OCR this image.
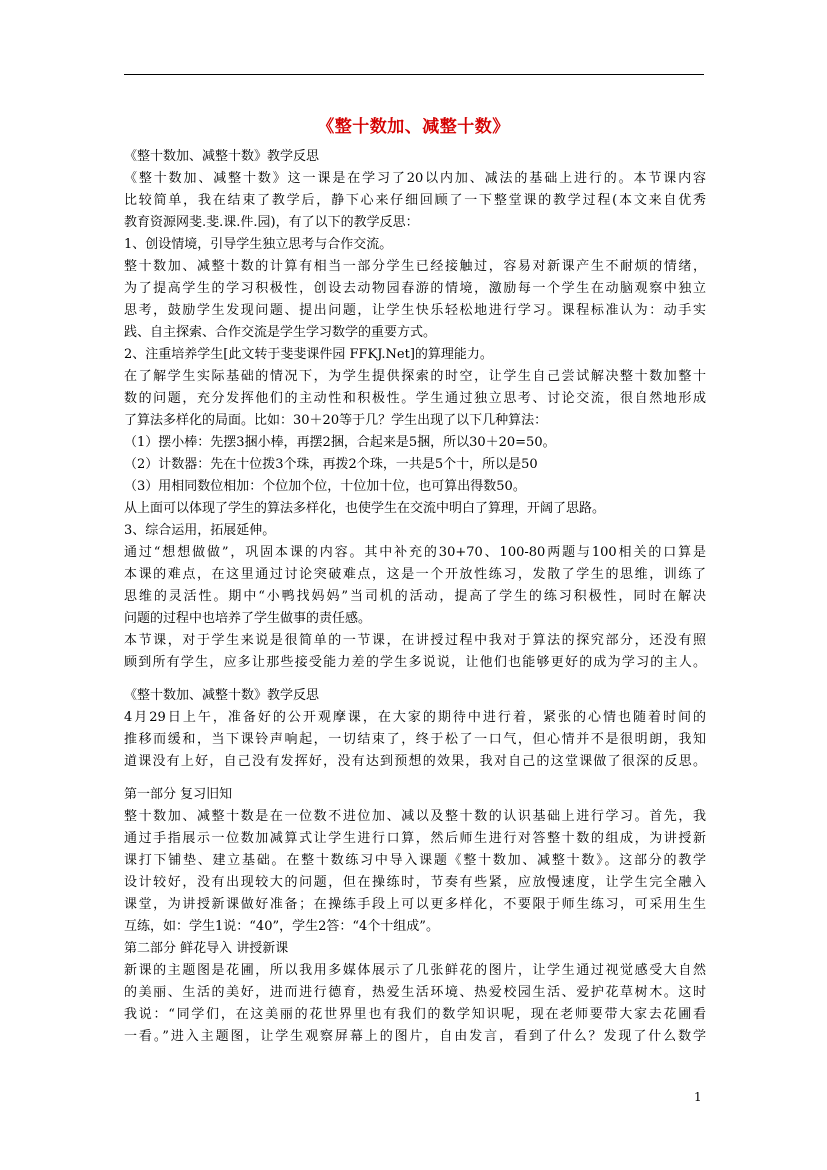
《整十数加、减整十数》
《整十数加、减整十数》教学反思
《整十数加、减整十数》这一课是在学习了20以内加、减法的基础上进行的。本节课内容
比较简单，我在结束了教学后，静下心来仔细回顾了一下整堂课的教学过程(本文来自优秀
教育资源网斐.斐.课.件.园)，有了以下的教学反思：
1、创设情境，引导学生独立思考与合作交流。
整十数加、减整十数的计算有相当一部分学生已经接触过，容易对新课产生不耐烦的情绪，
为了提高学生的学习积极性，创设去动物园春游的情境，激励每一个学生在动脑观察中独立
思考，鼓励学生发现问题、提出问题，让学生快乐轻松地进行学习。课程标准认为：动手实
践、自主探索、合作交流是学生学习数学的重要方式。
2、注重培养学生[此文转于斐斐课件园 FFKJ.Net]的算理能力。
在了解学生实际基础的情况下，为学生提供探索的时空，让学生自己尝试解决整十数加整十
数的问题，充分发挥他们的主动性和积极性。学生通过独立思考、讨论交流，很自然地形成
了算法多样化的局面。比如：30＋20等于几？学生出现了以下几种算法：
（1）摆小棒：先摆3捆小棒，再摆2捆，合起来是5捆，所以30＋20=50。
（2）计数器：先在十位拨3个珠，再拨2个珠，一共是5个十，所以是50
（3）用相同数位相加：个位加个位，十位加十位，也可算出得数50。
从上面可以体现了学生的算法多样化，也使学生在交流中明白了算理，开阔了思路。
3、综合运用，拓展延伸。
通过“想想做做”，巩固本课的内容。其中补充的30+70、100-80两题与100相关的口算是
本课的难点，在这里通过讨论突破难点，这是一个开放性练习，发散了学生的思维，训练了
思维的灵活性。期中“小鸭找妈妈”当司机的活动，提高了学生的练习积极性，同时在解决
问题的过程中也培养了学生做事的责任感。
本节课，对于学生来说是很简单的一节课，在讲授过程中我对于算法的探究部分，还没有照
顾到所有学生，应多让那些接受能力差的学生多说说，让他们也能够更好的成为学习的主人。
《整十数加、减整十数》教学反思
4月29日上午，准备好的公开观摩课，在大家的期待中进行着，紧张的心情也随着时间的
推移而缓和，当下课铃声响起，一切结束了，终于松了一口气，但心情并不是很明朗，我知
道课没有上好，自己没有发挥好，没有达到预想的效果，我对自己的这堂课做了很深的反思。
第一部分 复习旧知
整十数加、减整十数是在一位数不进位加、减以及整十数的认识基础上进行学习。首先，我
通过手指展示一位数加减算式让学生进行口算，然后师生进行对答整十数的组成，为讲授新
课打下铺垫、建立基础。在整十数练习中导入课题《整十数加、减整十数》。这部分的教学
设计较好，没有出现较大的问题，但在操练时，节奏有些紧，应放慢速度，让学生完全融入
课堂，为讲授新课做好准备；在操练手段上可以更多样化，不要限于师生练习，可采用生生
互练，如：学生1说：“40”，学生2答：“4个十组成”。
第二部分 鲜花导入 讲授新课
新课的主题图是花圃，所以我用多媒体展示了几张鲜花的图片，让学生通过视觉感受大自然
的美丽、生活的美好，进而进行德育，热爱生活环境、热爱校园生活、爱护花草树木。这时
我说：“同学们，在这美丽的花世界里也有我们的数学知识呢，现在老师要带大家去花圃看
一看。”进入主题图，让学生观察屏幕上的图片，自由发言，看到了什么？发现了什么数学
1
